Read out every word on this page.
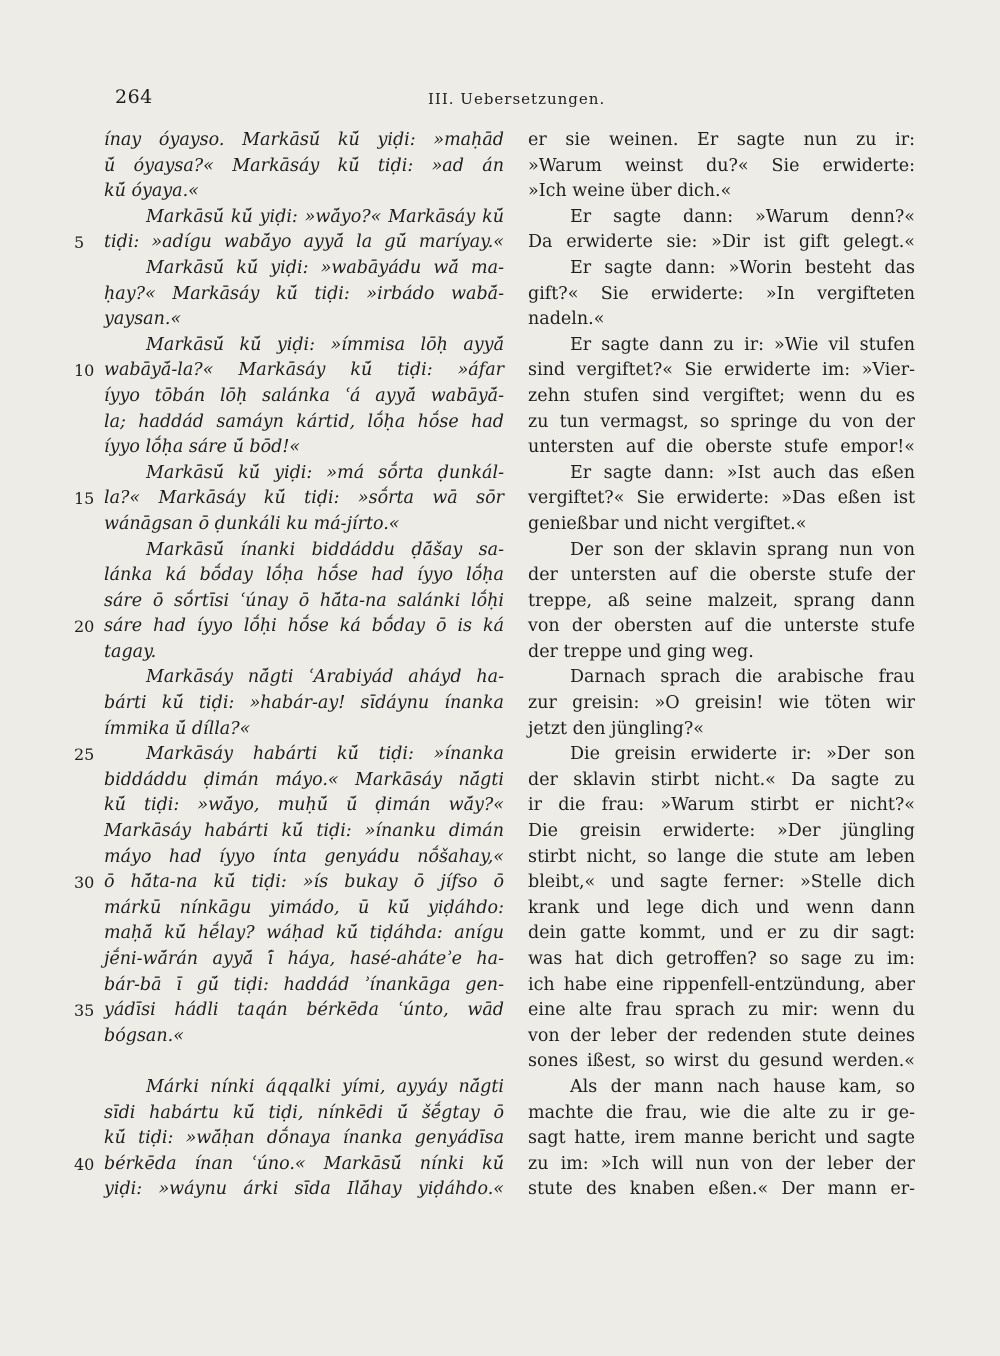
264	III. Uebersetzungen.
ínay óyayso. Markāsū́ kū́ yiḍi: »maḥād
ū́ óyaysa?« Markāsáy kū́ tiḍi: »ad án
kū́ óyaya.«
Markāsū́ kū́ yiḍi: »wā́yo?« Markāsáy kū́
5 tiḍi: »adígu wabā́yo ayyā́ la gū́ maríyay.«
Markāsū́ kū́ yiḍi: »wabāyádu wā́ ma-
ḥay?« Markāsáy kū́ tiḍi: »irbádo wabā́-
yaysan.«
Markāsū́ kū́ yiḍi: »ímmisa lōḥ ayyā́
10 wabāyā́-la?« Markāsáy kū́ tiḍi: »áfar
íyyo tōbán lōḥ salánka ʿá ayyā́ wabāyā́-
la; haddád samáyn kártid, lṓḥa hṓse had
íyyo lṓḥa sáre ū́ bōd!«
Markāsū́ kū́ yiḍi: »má sṓrta ḍunkál-
15 la?« Markāsáy kū́ tiḍi: »sṓrta wā sōr
wánāgsan ō ḍunkáli ku má-jírto.«
Markāsū́ ínanki biddáddu ḍā́šay sa-
lánka ká bṓday lṓḥa hṓse had íyyo lṓḥa
sáre ō sṓrtīsi ʿúnay ō hā́ta-na salánki lṓḥi
20 sáre had íyyo lṓḥi hṓse ká bṓday ō is ká
tagay.
Markāsáy nā́gti ʿArabiyád aháyd ha-
bárti kū́ tiḍi: »habár-ay! sīdáynu ínanka
ímmika ū́ dílla?«
25	Markāsáy habárti kū́ tiḍi: »ínanka
biddáddu ḍimán má́yo.« Markāsáy nā́gti
kū́ tiḍi: »wā́yo, muḥū́ ū́ ḍimán wā́y?«
Markāsáy habárti kū́ tiḍi: »ínanku dimán
má́yo had íyyo ínta genyádu nṓšahay,«
30 ō hā́ta-na kū́ tiḍi: »ís bukay ō jífso ō
márkū nínkāgu yimádo, ū kū́ yiḍáhdo:
maḥā́ kū́ hḗlay? wáḥad kū́ tiḍáhda: anígu
jḗni-wā́rán ayyā́ ī́ háya, hasé-aháteʾe ha-
bár-bā ī gū́ tiḍi: haddád ʾínankāga gen-
35 yádīsi hádli taqán bérkēda ʿúnto, wād
bógsan.«
Márki nínki áqqalki yími, ayyáy nā́gti
sīdi habártu kū́ tiḍi, nínkēdi ū́ šḗgtay ō
kū́ tiḍi: »wā́ḥan dṓnaya ínanka genyádīsa
40 bérkēda ínan ʿúno.« Markāsū́ nínki kū́
yiḍi: »wáynu árki sīda Ilā́hay yiḍáhdo.«
er sie weinen. Er sagte nun zu ir:
»Warum weinst du?« Sie erwiderte:
»Ich weine über dich.«
Er sagte dann: »Warum denn?«
Da erwiderte sie: »Dir ist gift gelegt.«
Er sagte dann: »Worin besteht das
gift?« Sie erwiderte: »In vergifteten
nadeln.«
Er sagte dann zu ir: »Wie vil stufen
sind vergiftet?« Sie erwiderte im: »Vier-
zehn stufen sind vergiftet; wenn du es
zu tun vermagst, so springe du von der
untersten auf die oberste stufe empor!«
Er sagte dann: »Ist auch das eßen
vergiftet?« Sie erwiderte: »Das eßen ist
genießbar und nicht vergiftet.«
Der son der sklavin sprang nun von
der untersten auf die oberste stufe der
treppe, aß seine malzeit, sprang dann
von der obersten auf die unterste stufe
der treppe und ging weg.
Darnach sprach die arabische frau
zur greisin: »O greisin! wie töten wir
jetzt den jüngling?«
Die greisin erwiderte ir: »Der son
der sklavin stirbt nicht.« Da sagte zu
ir die frau: »Warum stirbt er nicht?«
Die greisin erwiderte: »Der jüngling
stirbt nicht, so lange die stute am leben
bleibt,« und sagte ferner: »Stelle dich
krank und lege dich und wenn dann
dein gatte kommt, und er zu dir sagt:
was hat dich getroffen? so sage zu im:
ich habe eine rippenfell-entzündung, aber
eine alte frau sprach zu mir: wenn du
von der leber der redenden stute deines
sones ißest, so wirst du gesund werden.«
Als der mann nach hause kam, so
machte die frau, wie die alte zu ir ge-
sagt hatte, irem manne bericht und sagte
zu im: »Ich will nun von der leber der
stute des knaben eßen.« Der mann er-
